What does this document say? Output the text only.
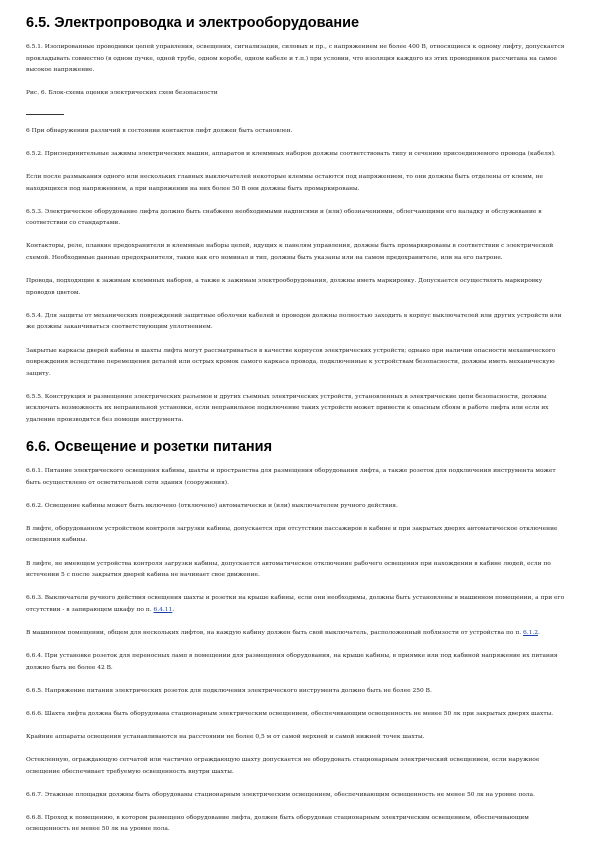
6.5. Электропроводка и электрооборудование

6.5.1. Изолированные проводники цепей управления, освещения, сигнализации, силовых и пр., с напряжением не более 400 В, относящиеся к одному лифту, допускается прокладывать совместно (в одном пучке, одной трубе, одном коробе, одном кабеле и т.п.) при условии, что изоляция каждого из этих проводников рассчитана на самое высокое напряжение.

Рис. 6. Блок-схема оценки электрических схем безопасности

6 При обнаружении различий в состоянии контактов лифт должен быть остановлен.

6.5.2. Присоединительные зажимы электрических машин, аппаратов и клеммных наборов должны соответствовать типу и сечению присоединяемого провода (кабеля).

Если после размыкания одного или нескольких главных выключателей некоторые клеммы остаются под напряжением, то они должны быть отделены от клемм, не находящихся под напряжением, а при напряжении на них более 50 В они должны быть промаркированы.

6.5.3. Электрическое оборудование лифта должно быть снабжено необходимыми надписями и (или) обозначениями, облегчающими его наладку и обслуживание в соответствии со стандартами.

Контакторы, реле, плавкие предохранители и клеммные наборы цепей, идущих к панелям управления, должны быть промаркированы в соответствии с электрической схемой. Необходимые данные предохранителя, такие как его номинал и тип, должны быть указаны или на самом предохранителе, или на его патроне.

Провода, подходящие к зажимам клеммных наборов, а также к зажимам электрооборудования, должны иметь маркировку. Допускается осуществлять маркировку проводов цветом.

6.5.4. Для защиты от механических повреждений защитные оболочки кабелей и проводов должны полностью заходить в корпус выключателей или других устройств или же должны заканчиваться соответствующим уплотнением.

Закрытые каркасы дверей кабины и шахты лифта могут рассматриваться в качестве корпусов электрических устройств; однако при наличии опасности механического повреждения вследствие перемещения деталей или острых кромок самого каркаса провода, подключенные к устройствам безопасности, должны иметь механическую защиту.

6.5.5. Конструкция и размещение электрических разъемов и других съемных электрических устройств, установленных в электрические цепи безопасности, должны исключать возможность их неправильной установки, если неправильное подключение таких устройств может привести к опасным сбоям в работе лифта или если их удаление производится без помощи инструмента.

6.6. Освещение и розетки питания

6.6.1. Питание электрического освещения кабины, шахты и пространства для размещения оборудования лифта, а также розеток для подключения инструмента может быть осуществлено от осветительной сети здания (сооружения).

6.6.2. Освещение кабины может быть включено (отключено) автоматически и (или) выключателем ручного действия.

В лифте, оборудованном устройством контроля загрузки кабины, допускается при отсутствии пассажиров в кабине и при закрытых дверях автоматическое отключение освещения кабины.

В лифте, не имеющем устройства контроля загрузки кабины, допускается автоматическое отключение рабочего освещения при нахождении в кабине людей, если по истечении 5 с после закрытия дверей кабина не начинает свое движение.

6.6.3. Выключатели ручного действия освещения шахты и розетки на крыше кабины, если они необходимы, должны быть установлены в машинном помещении, а при его отсутствии - в запирающем шкафу по п. 6.4.11.

В машинном помещении, общем для нескольких лифтов, на каждую кабину должен быть свой выключатель, расположенный поблизости от устройства по п. 6.1.2.

6.6.4. При установке розеток для переносных ламп в помещении для размещения оборудования, на крыше кабины, в приямке или под кабиной напряжение их питания должно быть не более 42 В.

6.6.5. Напряжение питания электрических розеток для подключения электрического инструмента должно быть не более 250 В.

6.6.6. Шахта лифта должна быть оборудована стационарным электрическим освещением, обеспечивающим освещенность не менее 50 лк при закрытых дверях шахты.

Крайние аппараты освещения устанавливаются на расстоянии не более 0,5 м от самой верхней и самой нижней точек шахты.

Остекленную, ограждающую сетчатой или частично ограждающую шахту допускается не оборудовать стационарным электрический освещением, если наружное освещение обеспечивает требуемую освещенность внутри шахты.

6.6.7. Этажные площадки должны быть оборудованы стационарным электрическим освещением, обеспечивающим освещенность не менее 50 лк на уровне пола.

6.6.8. Проход к помещению, в котором размещено оборудование лифта, должен быть оборудован стационарным электрическим освещением, обеспечивающим освещенность не менее 50 лк на уровне пола.
